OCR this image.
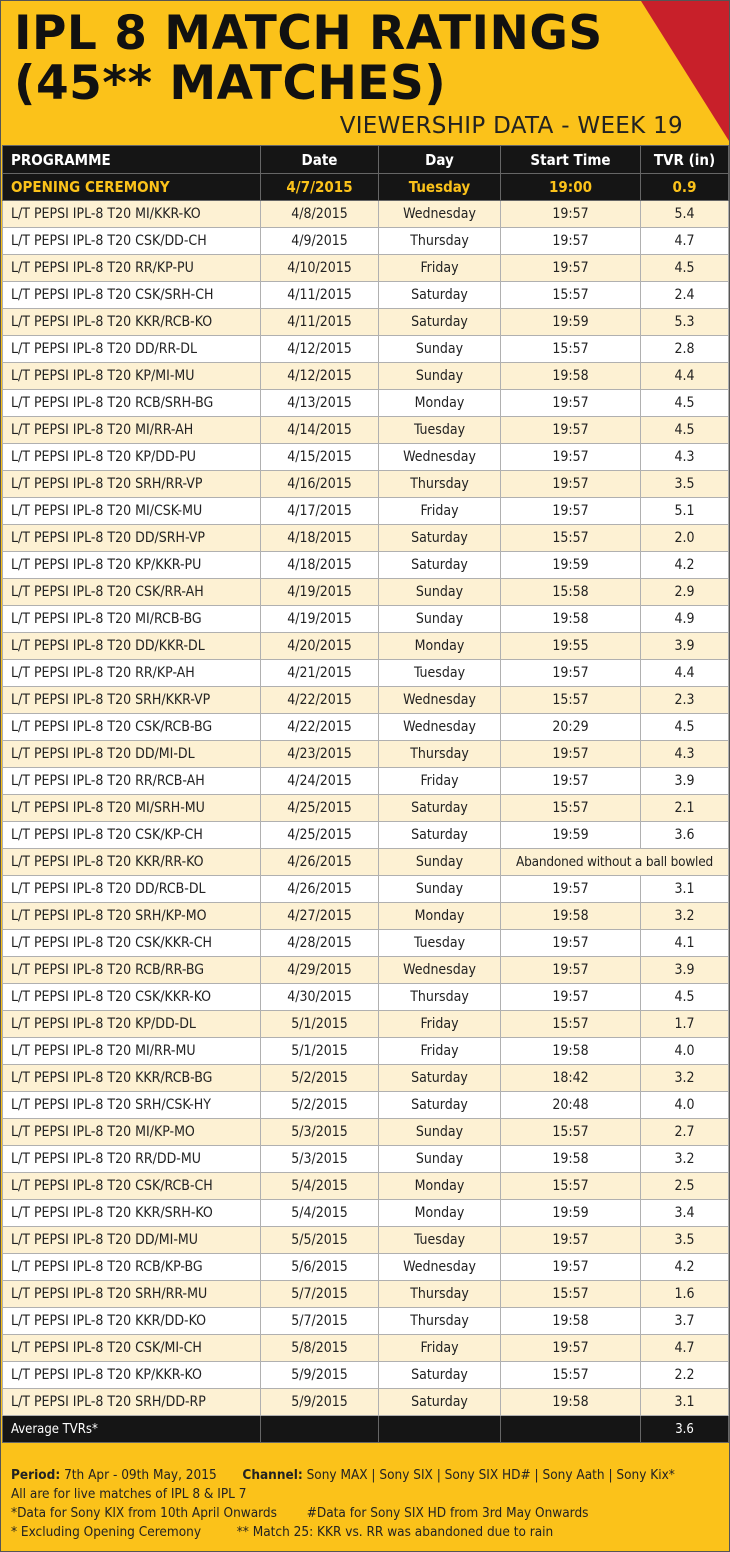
IPL 8 MATCH RATINGS
(45** MATCHES)
VIEWERSHIP DATA - WEEK 19
PROGRAMME	Date	Day	Start Time	TVR (in)
OPENING CEREMONY	4/7/2015	Tuesday	19:00	0.9
L/T PEPSI IPL-8 T20 MI/KKR-KO	4/8/2015	Wednesday	19:57	5.4
L/T PEPSI IPL-8 T20 CSK/DD-CH	4/9/2015	Thursday	19:57	4.7
L/T PEPSI IPL-8 T20 RR/KP-PU	4/10/2015	Friday	19:57	4.5
L/T PEPSI IPL-8 T20 CSK/SRH-CH	4/11/2015	Saturday	15:57	2.4
L/T PEPSI IPL-8 T20 KKR/RCB-KO	4/11/2015	Saturday	19:59	5.3
L/T PEPSI IPL-8 T20 DD/RR-DL	4/12/2015	Sunday	15:57	2.8
L/T PEPSI IPL-8 T20 KP/MI-MU	4/12/2015	Sunday	19:58	4.4
L/T PEPSI IPL-8 T20 RCB/SRH-BG	4/13/2015	Monday	19:57	4.5
L/T PEPSI IPL-8 T20 MI/RR-AH	4/14/2015	Tuesday	19:57	4.5
L/T PEPSI IPL-8 T20 KP/DD-PU	4/15/2015	Wednesday	19:57	4.3
L/T PEPSI IPL-8 T20 SRH/RR-VP	4/16/2015	Thursday	19:57	3.5
L/T PEPSI IPL-8 T20 MI/CSK-MU	4/17/2015	Friday	19:57	5.1
L/T PEPSI IPL-8 T20 DD/SRH-VP	4/18/2015	Saturday	15:57	2.0
L/T PEPSI IPL-8 T20 KP/KKR-PU	4/18/2015	Saturday	19:59	4.2
L/T PEPSI IPL-8 T20 CSK/RR-AH	4/19/2015	Sunday	15:58	2.9
L/T PEPSI IPL-8 T20 MI/RCB-BG	4/19/2015	Sunday	19:58	4.9
L/T PEPSI IPL-8 T20 DD/KKR-DL	4/20/2015	Monday	19:55	3.9
L/T PEPSI IPL-8 T20 RR/KP-AH	4/21/2015	Tuesday	19:57	4.4
L/T PEPSI IPL-8 T20 SRH/KKR-VP	4/22/2015	Wednesday	15:57	2.3
L/T PEPSI IPL-8 T20 CSK/RCB-BG	4/22/2015	Wednesday	20:29	4.5
L/T PEPSI IPL-8 T20 DD/MI-DL	4/23/2015	Thursday	19:57	4.3
L/T PEPSI IPL-8 T20 RR/RCB-AH	4/24/2015	Friday	19:57	3.9
L/T PEPSI IPL-8 T20 MI/SRH-MU	4/25/2015	Saturday	15:57	2.1
L/T PEPSI IPL-8 T20 CSK/KP-CH	4/25/2015	Saturday	19:59	3.6
L/T PEPSI IPL-8 T20 KKR/RR-KO	4/26/2015	Sunday	Abandoned without a ball bowled	
L/T PEPSI IPL-8 T20 DD/RCB-DL	4/26/2015	Sunday	19:57	3.1
L/T PEPSI IPL-8 T20 SRH/KP-MO	4/27/2015	Monday	19:58	3.2
L/T PEPSI IPL-8 T20 CSK/KKR-CH	4/28/2015	Tuesday	19:57	4.1
L/T PEPSI IPL-8 T20 RCB/RR-BG	4/29/2015	Wednesday	19:57	3.9
L/T PEPSI IPL-8 T20 CSK/KKR-KO	4/30/2015	Thursday	19:57	4.5
L/T PEPSI IPL-8 T20 KP/DD-DL	5/1/2015	Friday	15:57	1.7
L/T PEPSI IPL-8 T20 MI/RR-MU	5/1/2015	Friday	19:58	4.0
L/T PEPSI IPL-8 T20 KKR/RCB-BG	5/2/2015	Saturday	18:42	3.2
L/T PEPSI IPL-8 T20 SRH/CSK-HY	5/2/2015	Saturday	20:48	4.0
L/T PEPSI IPL-8 T20 MI/KP-MO	5/3/2015	Sunday	15:57	2.7
L/T PEPSI IPL-8 T20 RR/DD-MU	5/3/2015	Sunday	19:58	3.2
L/T PEPSI IPL-8 T20 CSK/RCB-CH	5/4/2015	Monday	15:57	2.5
L/T PEPSI IPL-8 T20 KKR/SRH-KO	5/4/2015	Monday	19:59	3.4
L/T PEPSI IPL-8 T20 DD/MI-MU	5/5/2015	Tuesday	19:57	3.5
L/T PEPSI IPL-8 T20 RCB/KP-BG	5/6/2015	Wednesday	19:57	4.2
L/T PEPSI IPL-8 T20 SRH/RR-MU	5/7/2015	Thursday	15:57	1.6
L/T PEPSI IPL-8 T20 KKR/DD-KO	5/7/2015	Thursday	19:58	3.7
L/T PEPSI IPL-8 T20 CSK/MI-CH	5/8/2015	Friday	19:57	4.7
L/T PEPSI IPL-8 T20 KP/KKR-KO	5/9/2015	Saturday	15:57	2.2
L/T PEPSI IPL-8 T20 SRH/DD-RP	5/9/2015	Saturday	19:58	3.1
Average TVRs*				3.6
Period: 7th Apr - 09th May, 2015 Channel: Sony MAX | Sony SIX | Sony SIX HD# | Sony Aath | Sony Kix*
All are for live matches of IPL 8 & IPL 7
*Data for Sony KIX from 10th April Onwards #Data for Sony SIX HD from 3rd May Onwards
* Excluding Opening Ceremony	** Match 25: KKR vs. RR was abandoned due to rain
